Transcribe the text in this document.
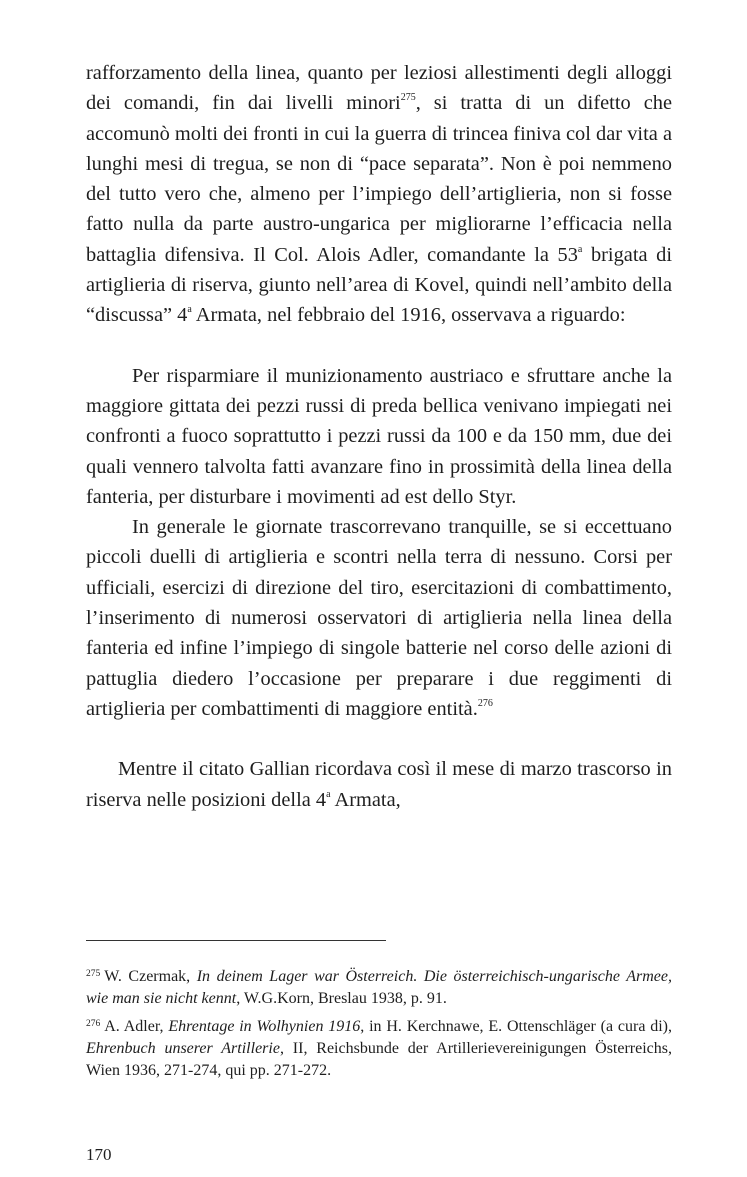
rafforzamento della linea, quanto per leziosi allestimenti degli alloggi dei comandi, fin dai livelli minori$^{275}$, si tratta di un difetto che accomunò molti dei fronti in cui la guerra di trincea finiva col dar vita a lunghi mesi di tregua, se non di “pace separata”. Non è poi nemmeno del tutto vero che, almeno per l’impiego dell’artiglieria, non si fosse fatto nulla da parte austro-ungarica per migliorarne l’efficacia nella battaglia difensiva. Il Col. Alois Adler, comandante la 53$^a$ brigata di artiglieria di riserva, giunto nell’area di Kovel, quindi nell’ambito della “discussa” 4$^a$ Armata, nel febbraio del 1916, osservava a riguardo:

Per risparmiare il munizionamento austriaco e sfruttare anche la maggiore gittata dei pezzi russi di preda bellica venivano impiegati nei confronti a fuoco soprattutto i pezzi russi da 100 e da 150 mm, due dei quali vennero talvolta fatti avanzare fino in prossimità della linea della fanteria, per disturbare i movimenti ad est dello Styr.

In generale le giornate trascorrevano tranquille, se si eccettuano piccoli duelli di artiglieria e scontri nella terra di nessuno. Corsi per ufficiali, esercizi di direzione del tiro, esercitazioni di combattimento, l’inserimento di numerosi osservatori di artiglieria nella linea della fanteria ed infine l’impiego di singole batterie nel corso delle azioni di pattuglia diedero l’occasione per preparare i due reggimenti di artiglieria per combattimenti di maggiore entità.$^{276}$

Mentre il citato Gallian ricordava così il mese di marzo trascorso in riserva nelle posizioni della 4$^a$ Armata,

$^{275}$ W. Czermak, In deinem Lager war Österreich. Die österreichisch-ungarische Armee, wie man sie nicht kennt, W.G.Korn, Breslau 1938, p. 91.

$^{276}$ A. Adler, Ehrentage in Wolhynien 1916, in H. Kerchnawe, E. Ottenschläger (a cura di), Ehrenbuch unserer Artillerie, II, Reichsbunde der Artillerievereinigungen Österreichs, Wien 1936, 271-274, qui pp. 271-272.

170
